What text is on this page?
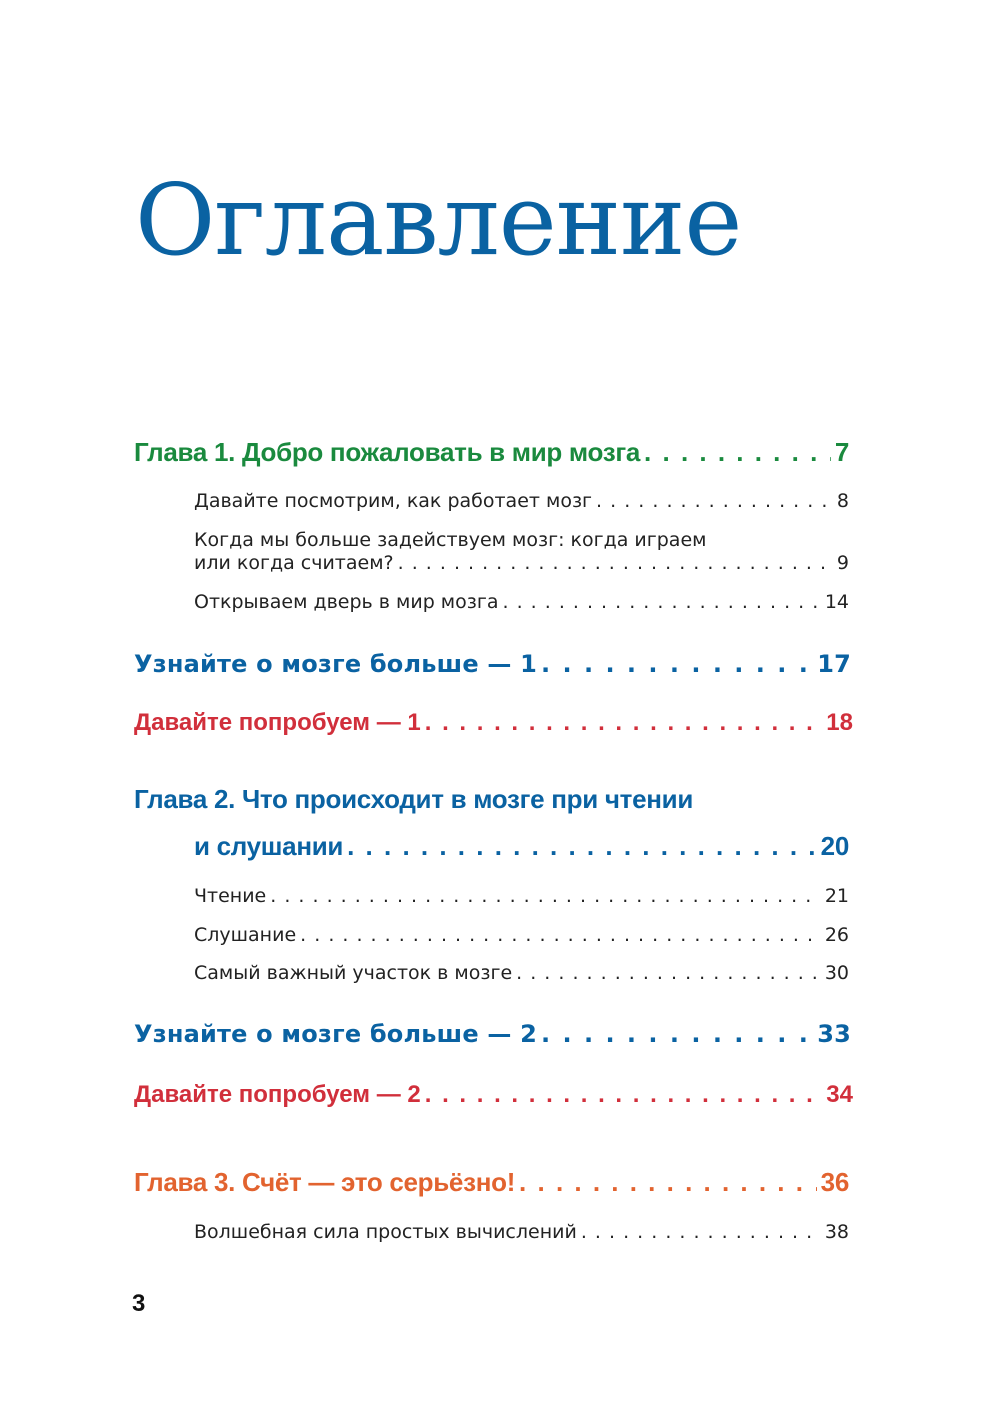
Оглавление
Глава 1. Добро пожаловать в мир мозга . . .	7
Давайте посмотрим, как работает мозг . . .	8
Когда мы больше задействуем мозг: когда играем
или когда считаем? . . .	9
Открываем дверь в мир мозга . . .	14
Узнайте о мозге больше — 1 . . .	17
Давайте попробуем — 1 . . .	18
Глава 2. Что происходит в мозге при чтении
и слушании . . .	20
Чтение . . .	21
Слушание . . .	26
Самый важный участок в мозге . . .	30
Узнайте о мозге больше — 2 . . .	33
Давайте попробуем — 2 . . .	34
Глава 3. Счёт — это серьёзно! . . .	36
Волшебная сила простых вычислений . . .	38
3
